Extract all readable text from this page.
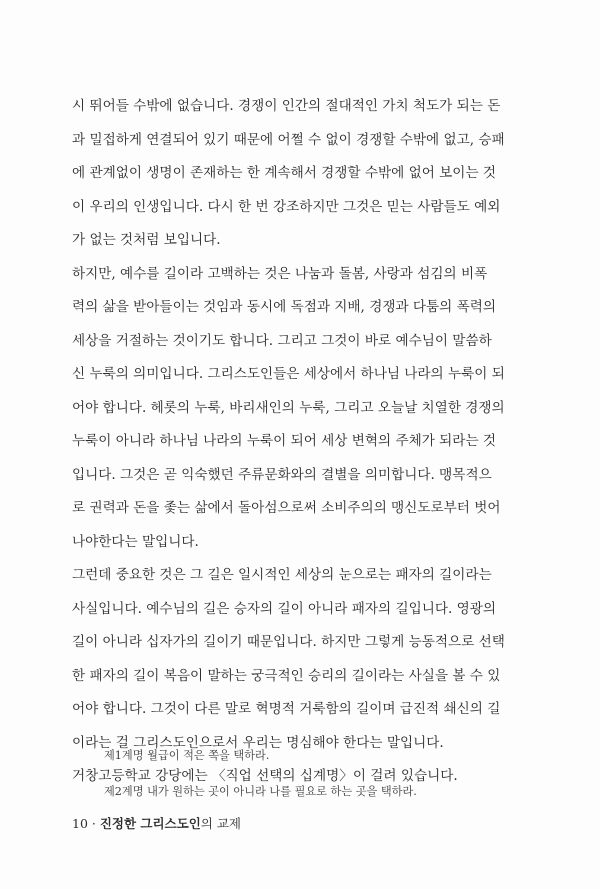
시 뛰어들 수밖에 없습니다. 경쟁이 인간의 절대적인 가치 척도가 되는 돈
과 밀접하게 연결되어 있기 때문에 어쩔 수 없이 경쟁할 수밖에 없고, 승패
에 관계없이 생명이 존재하는 한 계속해서 경쟁할 수밖에 없어 보이는 것
이 우리의 인생입니다. 다시 한 번 강조하지만 그것은 믿는 사람들도 예외
가 없는 것처럼 보입니다.
하지만, 예수를 길이라 고백하는 것은 나눔과 돌봄, 사랑과 섬김의 비폭
력의 삶을 받아들이는 것임과 동시에 독점과 지배, 경쟁과 다툼의 폭력의
세상을 거절하는 것이기도 합니다. 그리고 그것이 바로 예수님이 말씀하
신 누룩의 의미입니다. 그리스도인들은 세상에서 하나님 나라의 누룩이 되
어야 합니다. 헤롯의 누룩, 바리새인의 누룩, 그리고 오늘날 치열한 경쟁의
누룩이 아니라 하나님 나라의 누룩이 되어 세상 변혁의 주체가 되라는 것
입니다. 그것은 곧 익숙했던 주류문화와의 결별을 의미합니다. 맹목적으
로 권력과 돈을 좇는 삶에서 돌아섬으로써 소비주의의 맹신도로부터 벗어
나야한다는 말입니다.
그런데 중요한 것은 그 길은 일시적인 세상의 눈으로는 패자의 길이라는
사실입니다. 예수님의 길은 승자의 길이 아니라 패자의 길입니다. 영광의
길이 아니라 십자가의 길이기 때문입니다. 하지만 그렇게 능동적으로 선택
한 패자의 길이 복음이 말하는 궁극적인 승리의 길이라는 사실을 볼 수 있
어야 합니다. 그것이 다른 말로 혁명적 거룩함의 길이며 급진적 쇄신의 길
이라는 걸 그리스도인으로서 우리는 명심해야 한다는 말입니다.
거창고등학교 강당에는 〈직업 선택의 십계명〉이 걸려 있습니다.
제1계명 월급이 적은 쪽을 택하라.
제2계명 내가 원하는 곳이 아니라 나를 필요로 하는 곳을 택하라.
10 · 진정한 그리스도인의 교제
